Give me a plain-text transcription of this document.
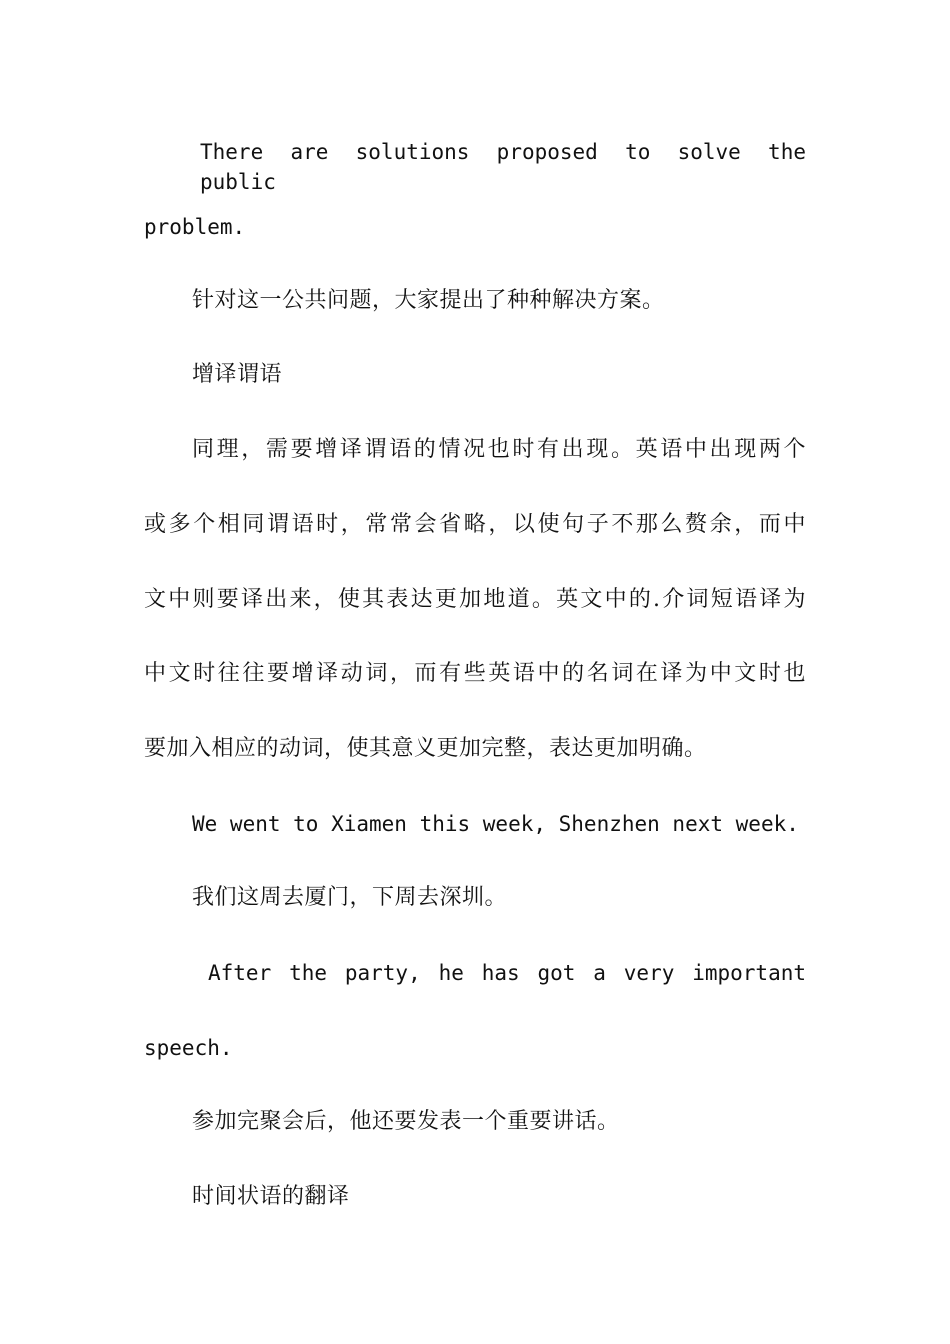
There are solutions proposed to solve the public
problem.
针对这一公共问题，大家提出了种种解决方案。
增译谓语
同理，需要增译谓语的情况也时有出现。英语中出现两个
或多个相同谓语时，常常会省略，以使句子不那么赘余，而中
文中则要译出来，使其表达更加地道。英文中的.介词短语译为
中文时往往要增译动词，而有些英语中的名词在译为中文时也
要加入相应的动词，使其意义更加完整，表达更加明确。
We went to Xiamen this week, Shenzhen next week.
我们这周去厦门，下周去深圳。
After the party, he has got a very important
speech.
参加完聚会后，他还要发表一个重要讲话。
时间状语的翻译
